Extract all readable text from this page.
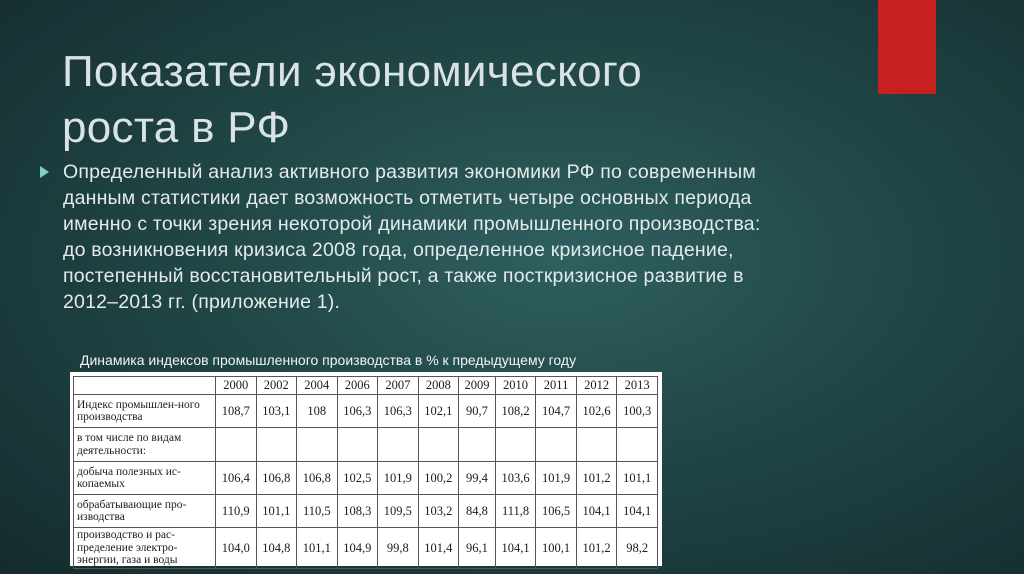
Показатели экономического
роста в РФ
Определенный анализ активного развития экономики РФ по современным данным статистики дает возможность отметить четыре основных периода именно с точки зрения некоторой динамики промышленного производства: до возникновения кризиса 2008 года, определенное кризисное падение, постепенный восстановительный рост, а также посткризисное развитие в 2012–2013 гг. (приложение 1).
Динамика индексов промышленного производства в % к предыдущему году
	2000	2002	2004	2006	2007	2008	2009	2010	2011	2012	2013
Индекс промышлен-ного производства	108,7	103,1	108	106,3	106,3	102,1	90,7	108,2	104,7	102,6	100,3
в том числе по видам деятельности:											
добыча полезных ис-копаемых	106,4	106,8	106,8	102,5	101,9	100,2	99,4	103,6	101,9	101,2	101,1
обрабатывающие про-изводства	110,9	101,1	110,5	108,3	109,5	103,2	84,8	111,8	106,5	104,1	104,1
производство и рас-пределение электро-энергии, газа и воды	104,0	104,8	101,1	104,9	99,8	101,4	96,1	104,1	100,1	101,2	98,2
